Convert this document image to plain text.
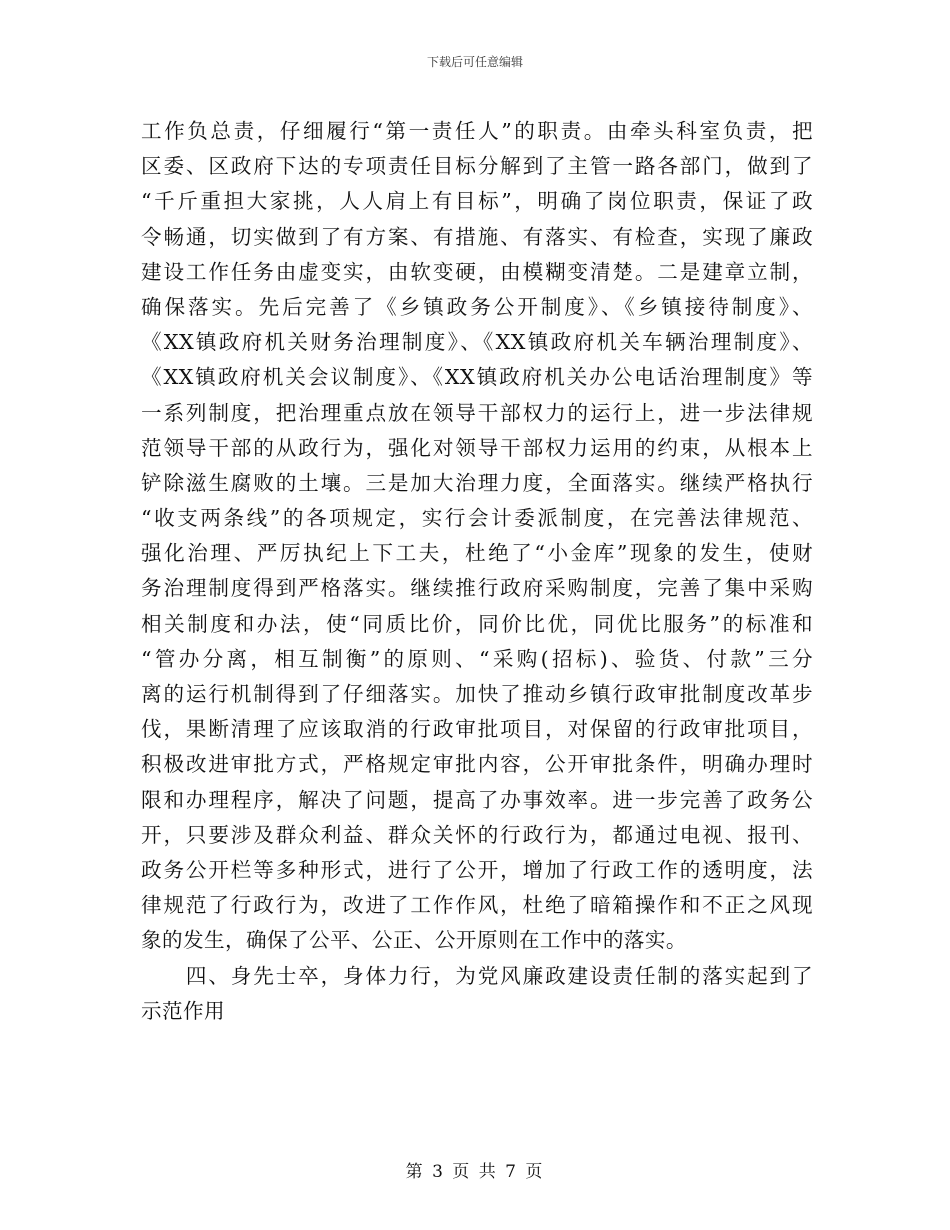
下载后可任意编辑
工作负总责，仔细履行“第一责任人”的职责。由牵头科室负责，把
区委、区政府下达的专项责任目标分解到了主管一路各部门，做到了
“千斤重担大家挑，人人肩上有目标”，明确了岗位职责，保证了政
令畅通，切实做到了有方案、有措施、有落实、有检查，实现了廉政
建设工作任务由虚变实，由软变硬，由模糊变清楚。二是建章立制，
确保落实。先后完善了《乡镇政务公开制度》、《乡镇接待制度》、
《XX镇政府机关财务治理制度》、《XX镇政府机关车辆治理制度》、
《XX镇政府机关会议制度》、《XX镇政府机关办公电话治理制度》等
一系列制度，把治理重点放在领导干部权力的运行上，进一步法律规
范领导干部的从政行为，强化对领导干部权力运用的约束，从根本上
铲除滋生腐败的土壤。三是加大治理力度，全面落实。继续严格执行
“收支两条线”的各项规定，实行会计委派制度，在完善法律规范、
强化治理、严厉执纪上下工夫，杜绝了“小金库”现象的发生，使财
务治理制度得到严格落实。继续推行政府采购制度，完善了集中采购
相关制度和办法，使“同质比价，同价比优，同优比服务”的标准和
“管办分离，相互制衡”的原则、“采购(招标)、验货、付款”三分
离的运行机制得到了仔细落实。加快了推动乡镇行政审批制度改革步
伐，果断清理了应该取消的行政审批项目，对保留的行政审批项目，
积极改进审批方式，严格规定审批内容，公开审批条件，明确办理时
限和办理程序，解决了问题，提高了办事效率。进一步完善了政务公
开，只要涉及群众利益、群众关怀的行政行为，都通过电视、报刊、
政务公开栏等多种形式，进行了公开，增加了行政工作的透明度，法
律规范了行政行为，改进了工作作风，杜绝了暗箱操作和不正之风现
象的发生，确保了公平、公正、公开原则在工作中的落实。
　　四、身先士卒，身体力行，为党风廉政建设责任制的落实起到了
示范作用
第 3 页 共 7 页
